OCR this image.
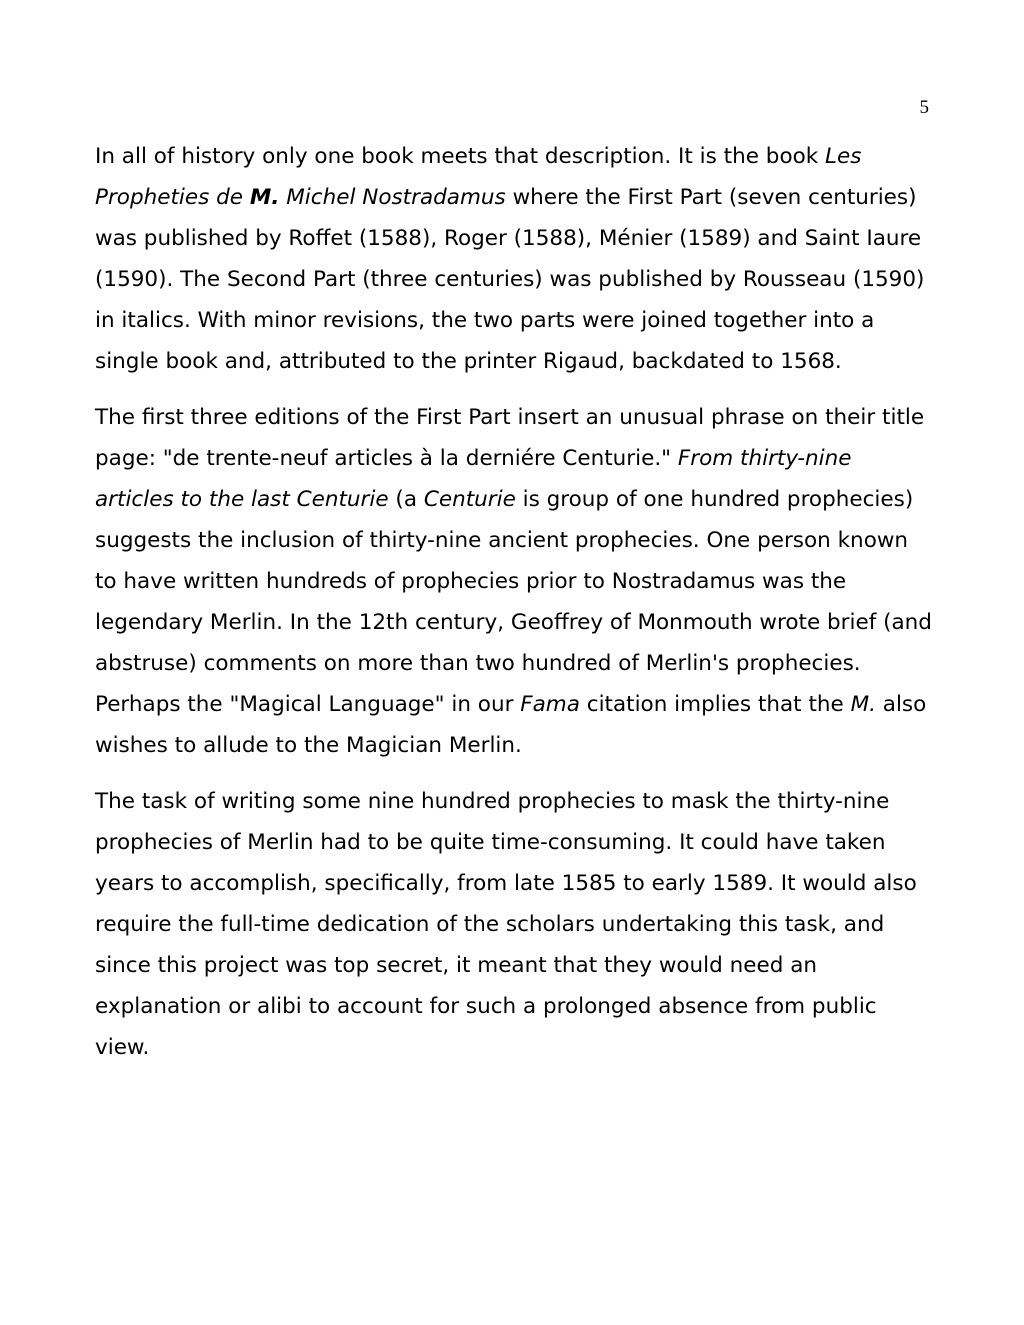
5

In all of history only one book meets that description. It is the book Les Propheties de M. Michel Nostradamus where the First Part (seven centuries) was published by Roffet (1588), Roger (1588), Ménier (1589) and Saint Iaure (1590). The Second Part (three centuries) was published by Rousseau (1590) in italics. With minor revisions, the two parts were joined together into a single book and, attributed to the printer Rigaud, backdated to 1568.

The first three editions of the First Part insert an unusual phrase on their title page: "de trente-neuf articles à la derniére Centurie." From thirty-nine articles to the last Centurie (a Centurie is group of one hundred prophecies) suggests the inclusion of thirty-nine ancient prophecies. One person known to have written hundreds of prophecies prior to Nostradamus was the legendary Merlin. In the 12th century, Geoffrey of Monmouth wrote brief (and abstruse) comments on more than two hundred of Merlin's prophecies. Perhaps the "Magical Language" in our Fama citation implies that the M. also wishes to allude to the Magician Merlin.

The task of writing some nine hundred prophecies to mask the thirty-nine prophecies of Merlin had to be quite time-consuming. It could have taken years to accomplish, specifically, from late 1585 to early 1589. It would also require the full-time dedication of the scholars undertaking this task, and since this project was top secret, it meant that they would need an explanation or alibi to account for such a prolonged absence from public view.
